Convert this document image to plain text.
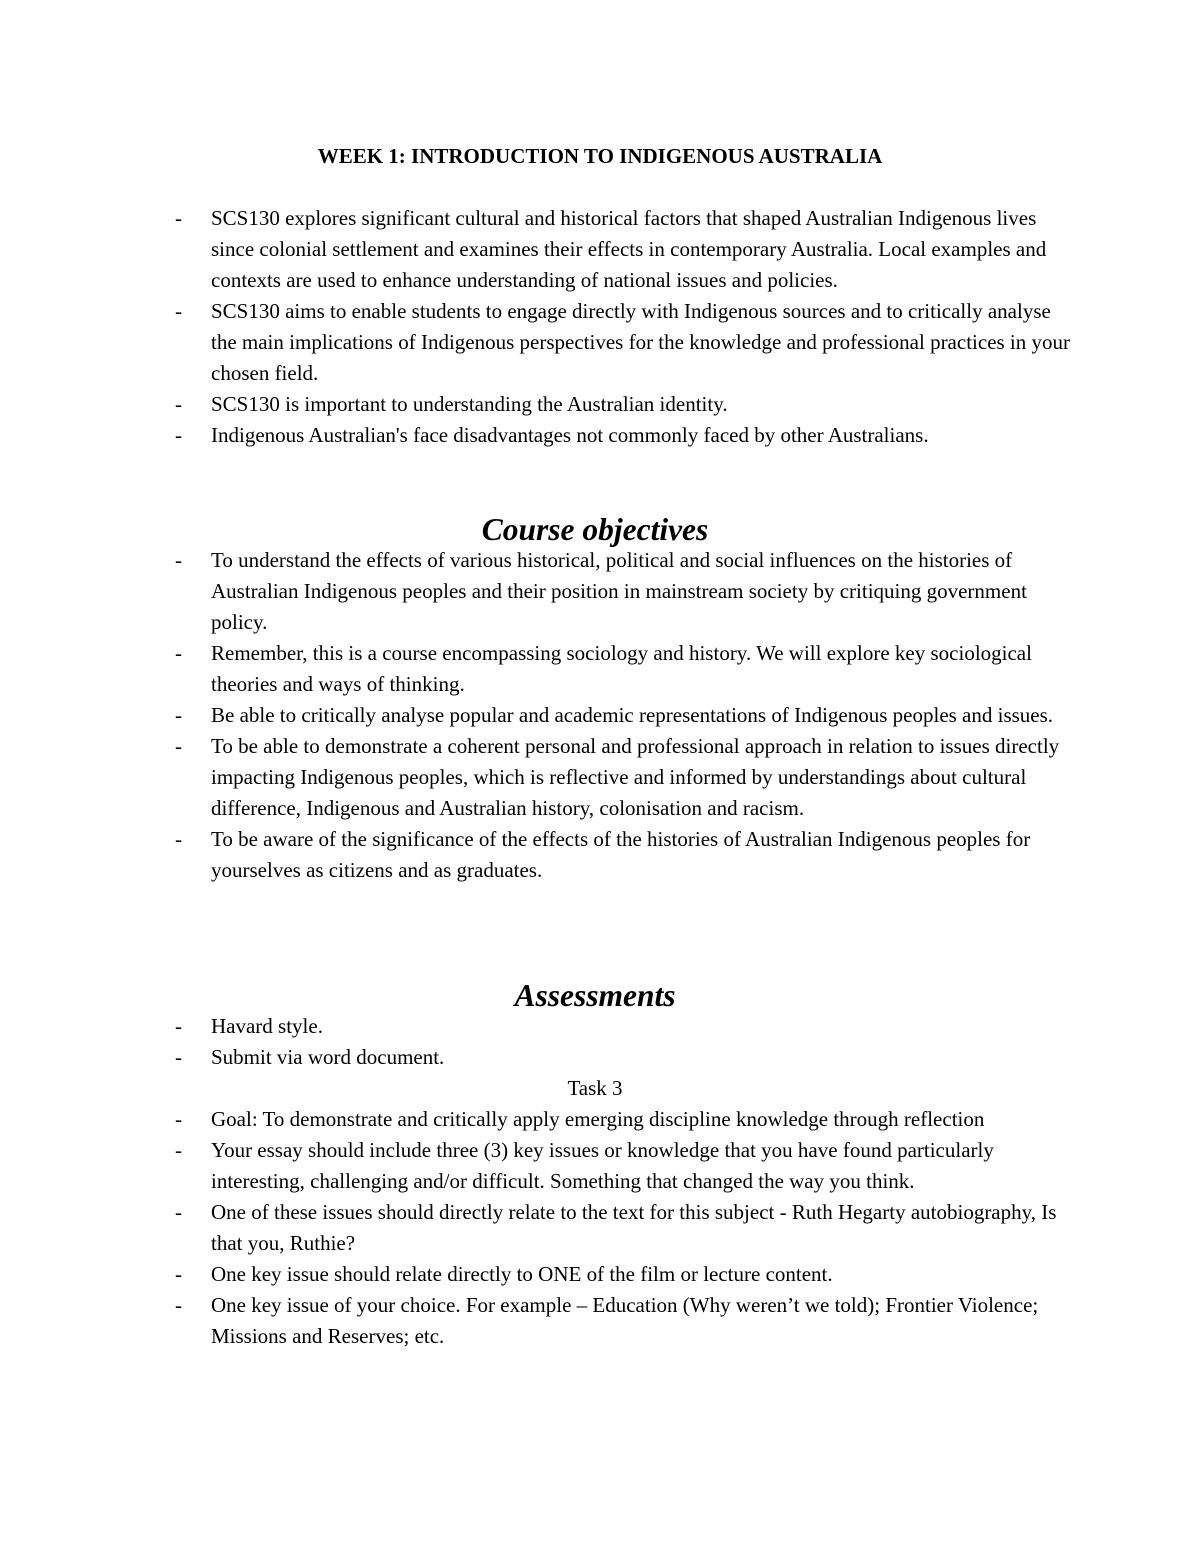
WEEK 1: INTRODUCTION TO INDIGENOUS AUSTRALIA
- SCS130 explores significant cultural and historical factors that shaped Australian Indigenous lives since colonial settlement and examines their effects in contemporary Australia. Local examples and contexts are used to enhance understanding of national issues and policies.
- SCS130 aims to enable students to engage directly with Indigenous sources and to critically analyse the main implications of Indigenous perspectives for the knowledge and professional practices in your chosen field.
- SCS130 is important to understanding the Australian identity.
- Indigenous Australian's face disadvantages not commonly faced by other Australians.
Course objectives
- To understand the effects of various historical, political and social influences on the histories of Australian Indigenous peoples and their position in mainstream society by critiquing government policy.
- Remember, this is a course encompassing sociology and history. We will explore key sociological theories and ways of thinking.
- Be able to critically analyse popular and academic representations of Indigenous peoples and issues.
- To be able to demonstrate a coherent personal and professional approach in relation to issues directly impacting Indigenous peoples, which is reflective and informed by understandings about cultural difference, Indigenous and Australian history, colonisation and racism.
- To be aware of the significance of the effects of the histories of Australian Indigenous peoples for yourselves as citizens and as graduates.
Assessments
- Havard style.
- Submit via word document.
Task 3
- Goal: To demonstrate and critically apply emerging discipline knowledge through reflection
- Your essay should include three (3) key issues or knowledge that you have found particularly interesting, challenging and/or difficult. Something that changed the way you think.
- One of these issues should directly relate to the text for this subject - Ruth Hegarty autobiography, Is that you, Ruthie?
- One key issue should relate directly to ONE of the film or lecture content.
- One key issue of your choice. For example – Education (Why weren’t we told); Frontier Violence; Missions and Reserves; etc.
